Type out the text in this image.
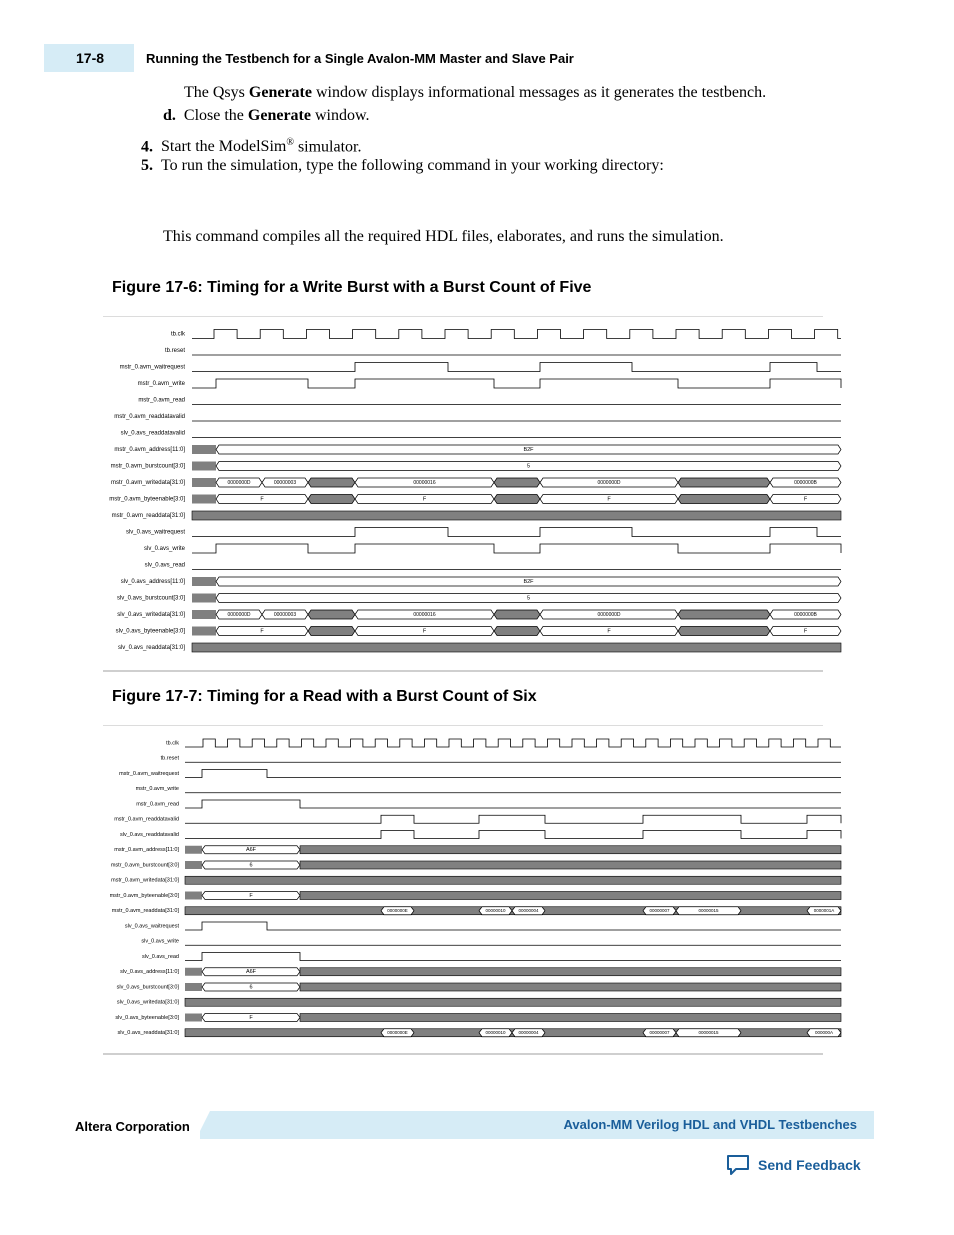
17-8	Running the Testbench for a Single Avalon-MM Master and Slave Pair
The Qsys Generate window displays informational messages as it generates the testbench.
d. Close the Generate window.
4. Start the ModelSim® simulator.
5. To run the simulation, type the following command in your working directory:
This command compiles all the required HDL files, elaborates, and runs the simulation.
Figure 17-6: Timing for a Write Burst with a Burst Count of Five
tb.clk
tb.reset
mstr_0.avm_waitrequest
mstr_0.avm_write
mstr_0.avm_read
mstr_0.avm_readdatavalid
slv_0.avs_readdatavalid
mstr_0.avm_address[11:0]	B2F
mstr_0.avm_burstcount[3:0]	5
mstr_0.avm_writedata[31:0]	0000000D	00000003	00000016	0000000D	0000000B
mstr_0.avm_byteenable[3:0]	F	F	F	F
mstr_0.avm_readdata[31:0]
slv_0.avs_waitrequest
slv_0.avs_write
slv_0.avs_read
slv_0.avs_address[11:0]	B2F
slv_0.avs_burstcount[3:0]	5
slv_0.avs_writedata[31:0]	0000000D	00000003	00000016	0000000D	0000000B
slv_0.avs_byteenable[3:0]	F	F	F	F
slv_0.avs_readdata[31:0]
Figure 17-7: Timing for a Read with a Burst Count of Six
tb.clk
tb.reset
mstr_0.avm_waitrequest
mstr_0.avm_write
mstr_0.avm_read
mstr_0.avm_readdatavalid
slv_0.avs_readdatavalid
mstr_0.avm_address[11:0]	A6F
mstr_0.avm_burstcount[3:0]	6
mstr_0.avm_writedata[31:0]
mstr_0.avm_byteenable[3:0]	F
mstr_0.avm_readdata[31:0]	0000000E	00000010	00000004	00000007	00000015	0000001A
slv_0.avs_waitrequest
slv_0.avs_write
slv_0.avs_read
slv_0.avs_address[11:0]	A6F
slv_0.avs_burstcount[3:0]	6
slv_0.avs_writedata[31:0]
slv_0.avs_byteenable[3:0]	F
slv_0.avs_readdata[31:0]	0000000E	00000010	00000004	00000007	00000015	000000A
Altera Corporation	Avalon-MM Verilog HDL and VHDL Testbenches
Send Feedback
